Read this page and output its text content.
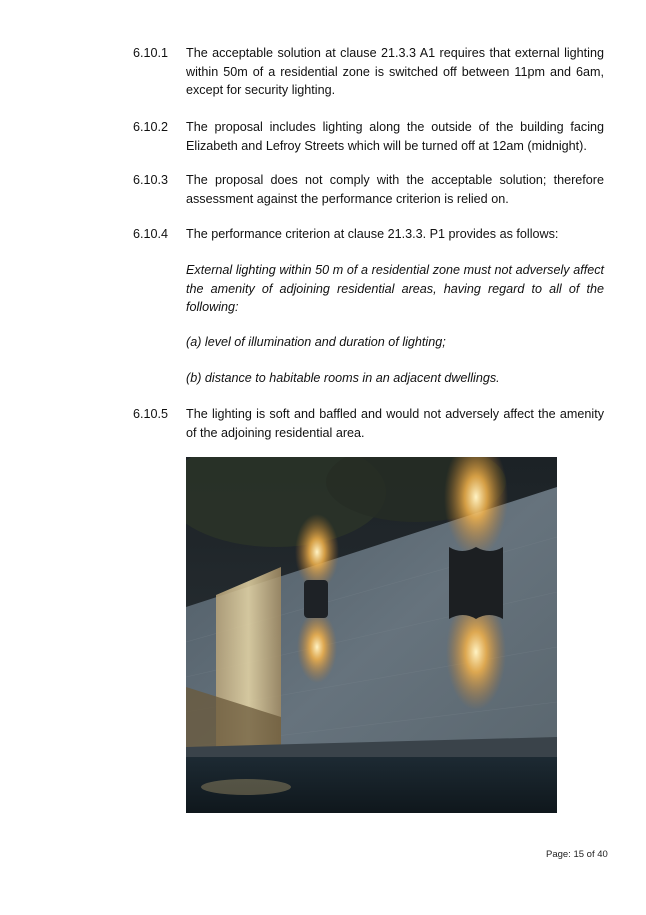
6.10.1 The acceptable solution at clause 21.3.3 A1 requires that external lighting within 50m of a residential zone is switched off between 11pm and 6am, except for security lighting.
6.10.2 The proposal includes lighting along the outside of the building facing Elizabeth and Lefroy Streets which will be turned off at 12am (midnight).
6.10.3 The proposal does not comply with the acceptable solution; therefore assessment against the performance criterion is relied on.
6.10.4 The performance criterion at clause 21.3.3. P1 provides as follows:
External lighting within 50 m of a residential zone must not adversely affect the amenity of adjoining residential areas, having regard to all of the following:
(a) level of illumination and duration of lighting;
(b) distance to habitable rooms in an adjacent dwellings.
6.10.5 The lighting is soft and baffled and would not adversely affect the amenity of the adjoining residential area.
Page: 15 of 40
